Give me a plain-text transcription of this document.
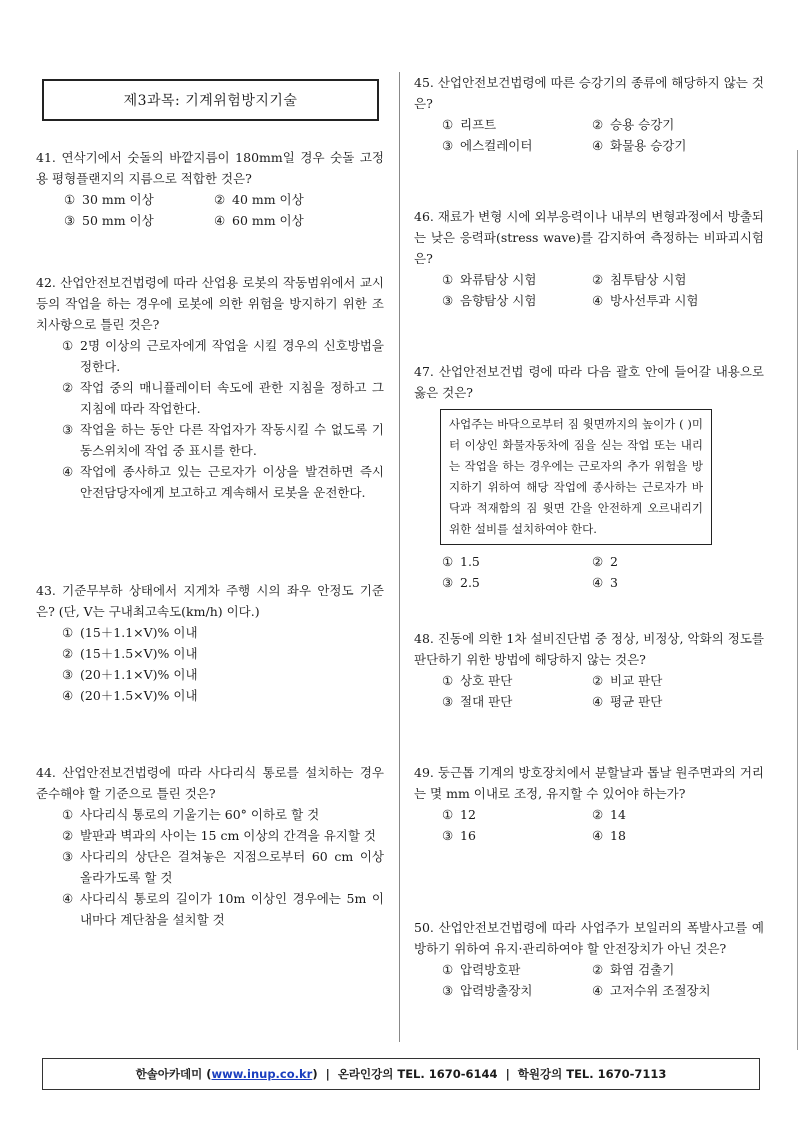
제3과목: 기계위험방지기술
41. 연삭기에서 숫돌의 바깥지름이 180mm일 경우 숫돌 고정용 평형플랜지의 지름으로 적합한 것은?
① 30 mm 이상	② 40 mm 이상
③ 50 mm 이상	④ 60 mm 이상
42. 산업안전보건법령에 따라 산업용 로봇의 작동범위에서 교시 등의 작업을 하는 경우에 로봇에 의한 위험을 방지하기 위한 조치사항으로 틀린 것은?
① 2명 이상의 근로자에게 작업을 시킬 경우의 신호방법을 정한다.
② 작업 중의 매니퓰레이터 속도에 관한 지침을 정하고 그 지침에 따라 작업한다.
③ 작업을 하는 동안 다른 작업자가 작동시킬 수 없도록 기동스위치에 작업 중 표시를 한다.
④ 작업에 종사하고 있는 근로자가 이상을 발견하면 즉시 안전담당자에게 보고하고 계속해서 로봇을 운전한다.
43. 기준무부하 상태에서 지게차 주행 시의 좌우 안정도 기준은? (단, V는 구내최고속도(km/h) 이다.)
① (15＋1.1×V)% 이내
② (15＋1.5×V)% 이내
③ (20＋1.1×V)% 이내
④ (20＋1.5×V)% 이내
44. 산업안전보건법령에 따라 사다리식 통로를 설치하는 경우 준수해야 할 기준으로 틀린 것은?
① 사다리식 통로의 기울기는 60° 이하로 할 것
② 발판과 벽과의 사이는 15 cm 이상의 간격을 유지할 것
③ 사다리의 상단은 걸쳐놓은 지점으로부터 60 cm 이상 올라가도록 할 것
④ 사다리식 통로의 길이가 10m 이상인 경우에는 5m 이내마다 계단참을 설치할 것
45. 산업안전보건법령에 따른 승강기의 종류에 해당하지 않는 것은?
① 리프트	② 승용 승강기
③ 에스컬레이터	④ 화물용 승강기
46. 재료가 변형 시에 외부응력이나 내부의 변형과정에서 방출되는 낮은 응력파(stress wave)를 감지하여 측정하는 비파괴시험은?
① 와류탐상 시험	② 침투탐상 시험
③ 음향탐상 시험	④ 방사선투과 시험
47. 산업안전보건법 령에 따라 다음 괄호 안에 들어갈 내용으로 옳은 것은?
사업주는 바닥으로부터 짐 윗면까지의 높이가 ( )미터 이상인 화물자동차에 짐을 싣는 작업 또는 내리는 작업을 하는 경우에는 근로자의 추가 위험을 방지하기 위하여 해당 작업에 종사하는 근로자가 바닥과 적재함의 짐 윗면 간을 안전하게 오르내리기 위한 설비를 설치하여야 한다.
① 1.5	② 2
③ 2.5	④ 3
48. 진동에 의한 1차 설비진단법 중 정상, 비정상, 악화의 정도를 판단하기 위한 방법에 해당하지 않는 것은?
① 상호 판단	② 비교 판단
③ 절대 판단	④ 평균 판단
49. 둥근톱 기계의 방호장치에서 분할날과 톱날 원주면과의 거리는 몇 mm 이내로 조정, 유지할 수 있어야 하는가?
① 12	② 14
③ 16	④ 18
50. 산업안전보건법령에 따라 사업주가 보일러의 폭발사고를 예방하기 위하여 유지·관리하여야 할 안전장치가 아닌 것은?
① 압력방호판	② 화염 검출기
③ 압력방출장치	④ 고저수위 조절장치
한솔아카데미 ( www.inup.co.kr ) | 온라인강의 TEL. 1670-6144 | 학원강의 TEL. 1670-7113
